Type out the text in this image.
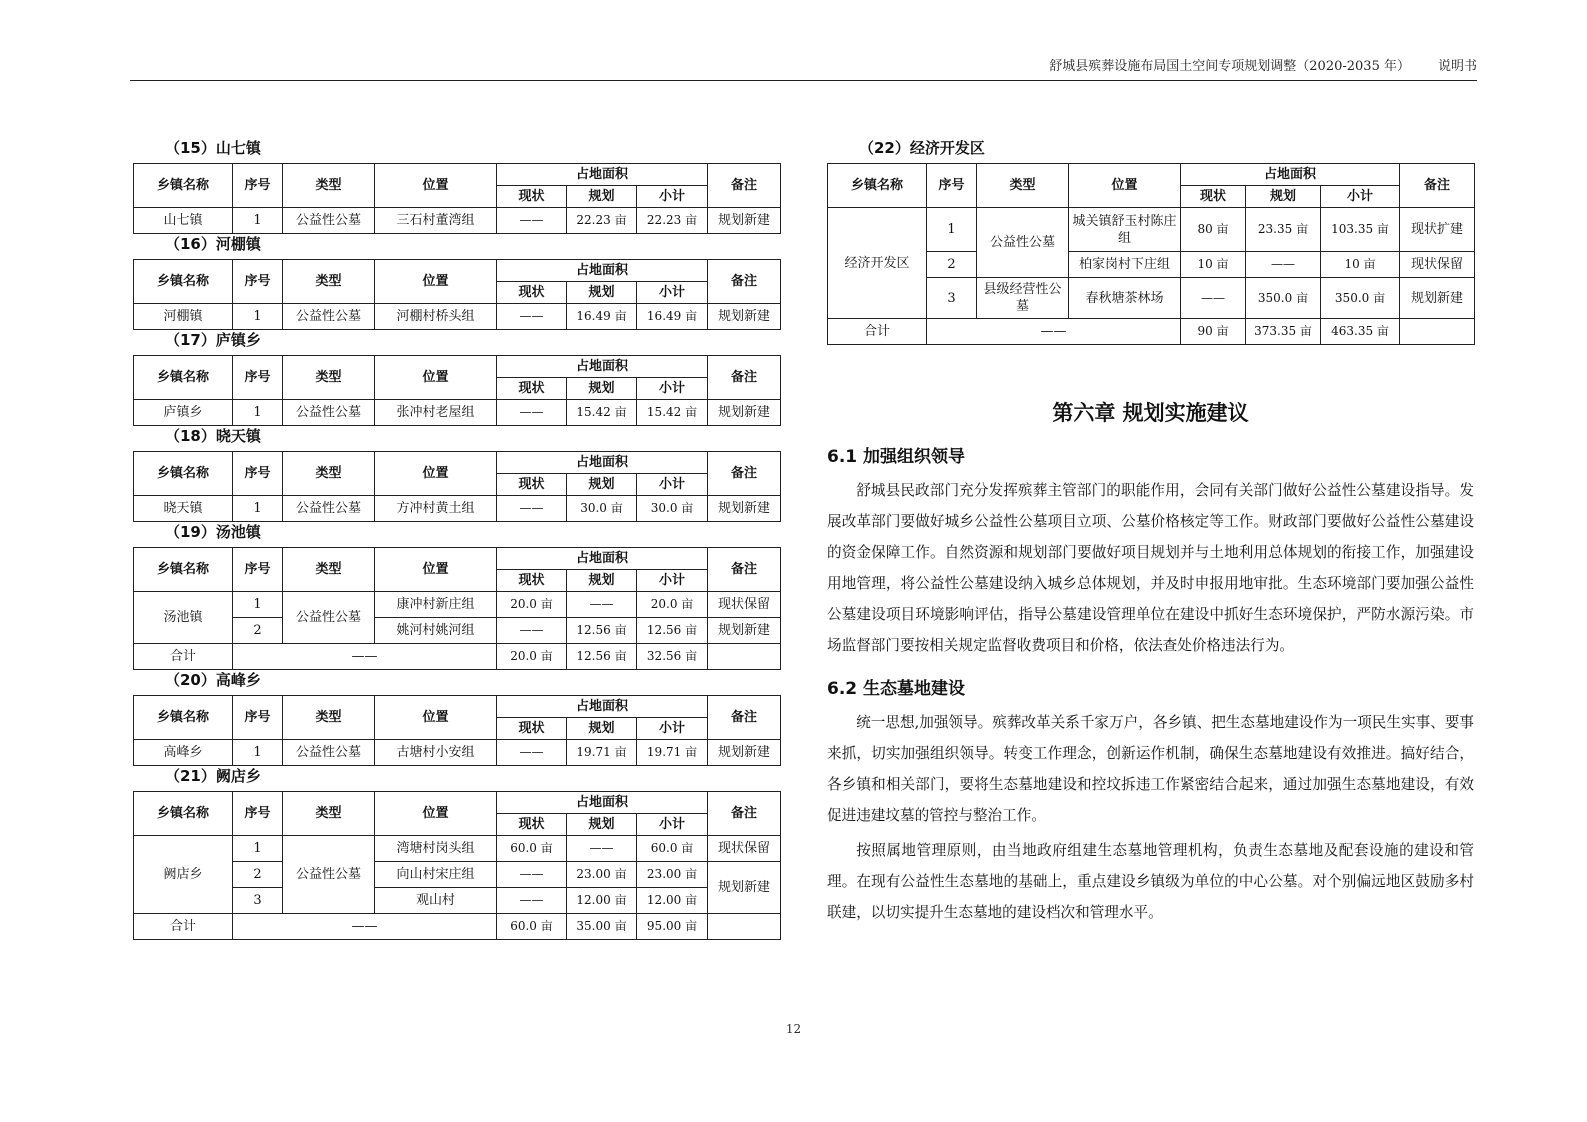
舒城县殡葬设施布局国土空间专项规划调整（2020-2035 年） 说明书
（15）山七镇
乡镇名称	序号	类型	位置	占地面积			备注
				现状	规划	小计	
山七镇	1	公益性公墓	三石村董湾组	——	22.23 亩	22.23 亩	规划新建
（16）河棚镇
乡镇名称	序号	类型	位置	占地面积			备注
				现状	规划	小计	
河棚镇	1	公益性公墓	河棚村桥头组	——	16.49 亩	16.49 亩	规划新建
（17）庐镇乡
乡镇名称	序号	类型	位置	占地面积			备注
				现状	规划	小计	
庐镇乡	1	公益性公墓	张冲村老屋组	——	15.42 亩	15.42 亩	规划新建
（18）晓天镇
乡镇名称	序号	类型	位置	占地面积			备注
				现状	规划	小计	
晓天镇	1	公益性公墓	方冲村黄土组	——	30.0 亩	30.0 亩	规划新建
（19）汤池镇
乡镇名称	序号	类型	位置	占地面积			备注
				现状	规划	小计	
汤池镇	1	公益性公墓	康冲村新庄组	20.0 亩	——	20.0 亩	现状保留
	2		姚河村姚河组	——	12.56 亩	12.56 亩	规划新建
合计	——			20.0 亩	12.56 亩	32.56 亩	
（20）高峰乡
乡镇名称	序号	类型	位置	占地面积			备注
				现状	规划	小计	
高峰乡	1	公益性公墓	古塘村小安组	——	19.71 亩	19.71 亩	规划新建
（21）阙店乡
乡镇名称	序号	类型	位置	占地面积			备注
				现状	规划	小计	
阙店乡	1	公益性公墓	湾塘村岗头组	60.0 亩	——	60.0 亩	现状保留
	2		向山村宋庄组	——	23.00 亩	23.00 亩	规划新建
	3		观山村	——	12.00 亩	12.00 亩	
合计	——			60.0 亩	35.00 亩	95.00 亩	
（22）经济开发区
乡镇名称	序号	类型	位置	占地面积			备注
				现状	规划	小计	
经济开发区	1	公益性公墓	城关镇舒玉村陈庄组	80 亩	23.35 亩	103.35 亩	现状扩建
	2		柏家岗村下庄组	10 亩	——	10 亩	现状保留
	3	县级经营性公墓	春秋塘茶林场	——	350.0 亩	350.0 亩	规划新建
合计	——			90 亩	373.35 亩	463.35 亩	
第六章 规划实施建议
6.1 加强组织领导

舒城县民政部门充分发挥殡葬主管部门的职能作用，会同有关部门做好公益性公墓建设指导。发展改革部门要做好城乡公益性公墓项目立项、公墓价格核定等工作。财政部门要做好公益性公墓建设的资金保障工作。自然资源和规划部门要做好项目规划并与土地利用总体规划的衔接工作，加强建设用地管理，将公益性公墓建设纳入城乡总体规划，并及时申报用地审批。生态环境部门要加强公益性公墓建设项目环境影响评估，指导公墓建设管理单位在建设中抓好生态环境保护，严防水源污染。市场监督部门要按相关规定监督收费项目和价格，依法查处价格违法行为。

6.2 生态墓地建设

统一思想,加强领导。殡葬改革关系千家万户，各乡镇、把生态墓地建设作为一项民生实事、要事来抓，切实加强组织领导。转变工作理念，创新运作机制，确保生态墓地建设有效推进。搞好结合，各乡镇和相关部门，要将生态墓地建设和控坟拆违工作紧密结合起来，通过加强生态墓地建设，有效促进违建坟墓的管控与整治工作。

按照属地管理原则，由当地政府组建生态墓地管理机构，负责生态墓地及配套设施的建设和管理。在现有公益性生态墓地的基础上，重点建设乡镇级为单位的中心公墓。对个别偏远地区鼓励多村联建，以切实提升生态墓地的建设档次和管理水平。

12
